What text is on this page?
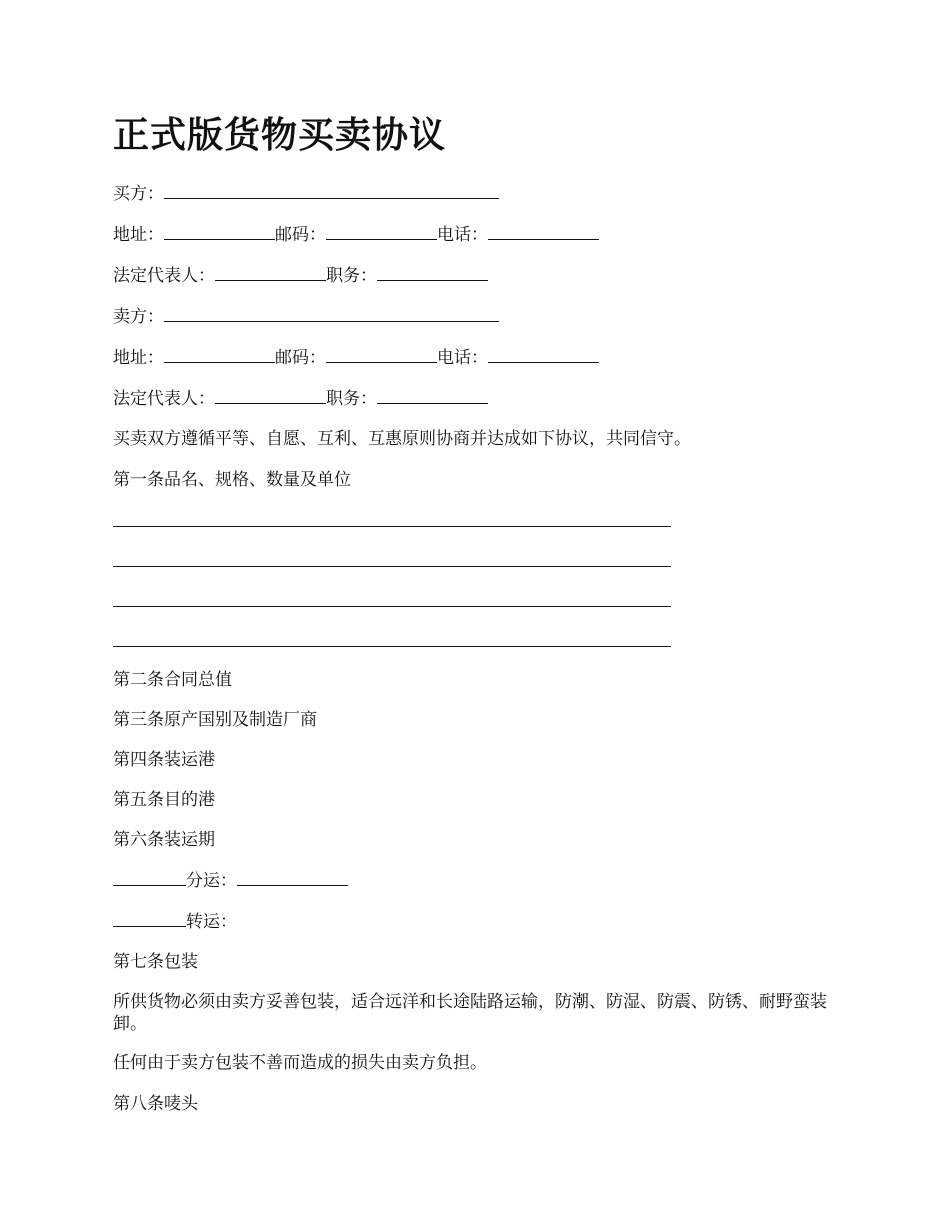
正式版货物买卖协议
买方：
地址：	邮码：	电话：
法定代表人：	职务：
卖方：
地址：	邮码：	电话：
法定代表人：	职务：
买卖双方遵循平等、自愿、互利、互惠原则协商并达成如下协议，共同信守。
第一条品名、规格、数量及单位
第二条合同总值
第三条原产国别及制造厂商
第四条装运港
第五条目的港
第六条装运期
分运：
转运：
第七条包装
所供货物必须由卖方妥善包装，适合远洋和长途陆路运输，防潮、防湿、防震、防锈、耐野蛮装卸。
任何由于卖方包装不善而造成的损失由卖方负担。
第八条唛头
